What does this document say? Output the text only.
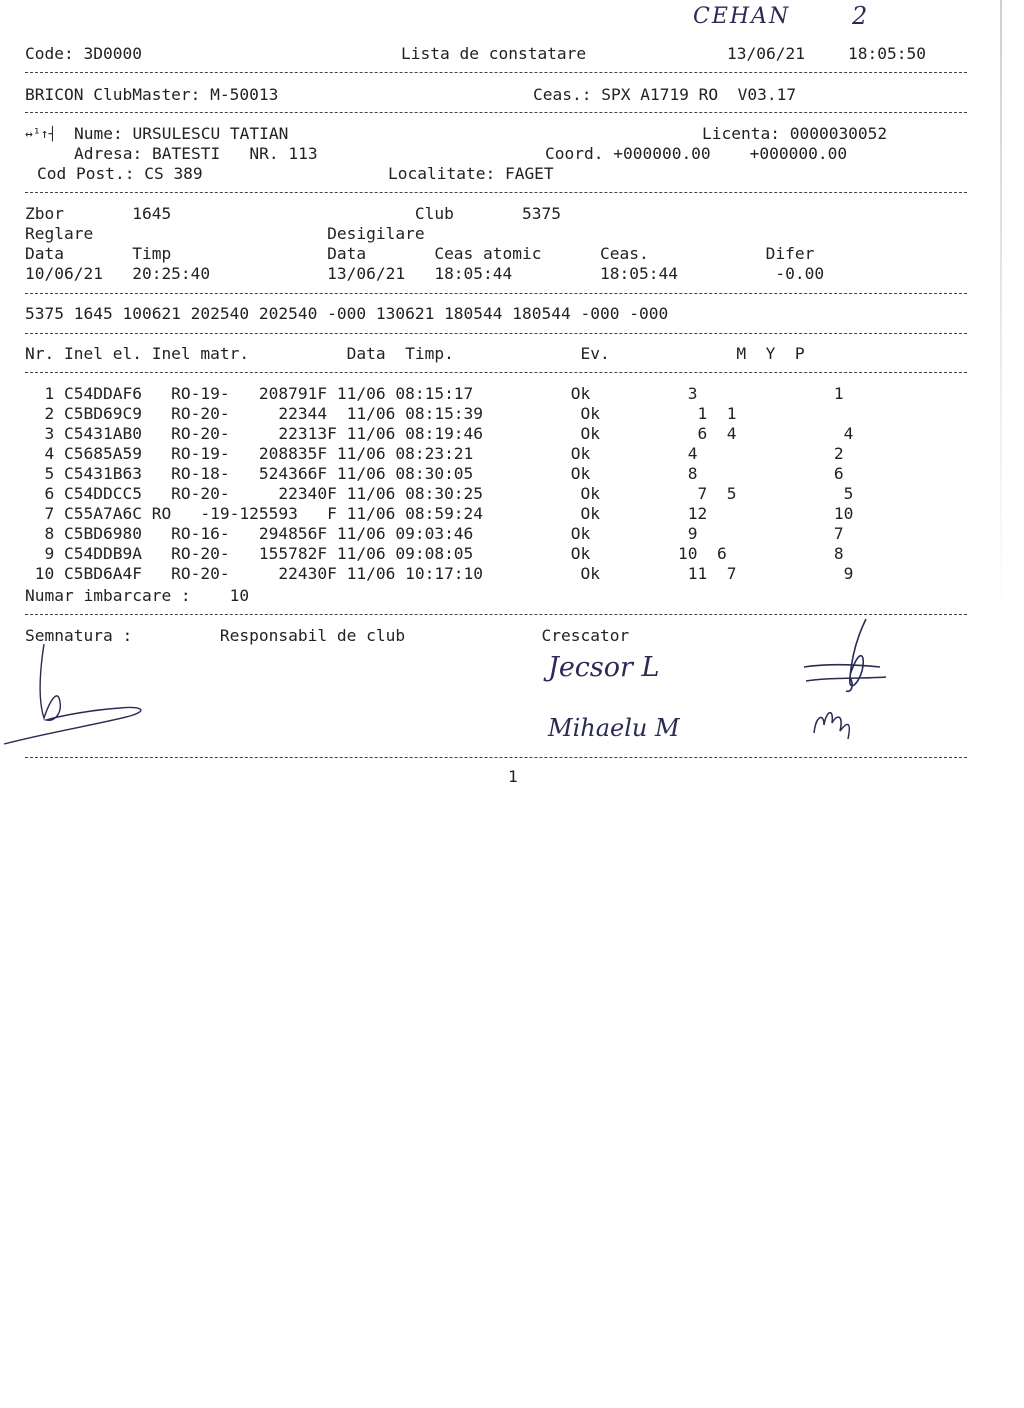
CEHAN	2
Code: 3D0000	Lista de constatare	13/06/21	18:05:50
BRICON ClubMaster: M-50013	Ceas.: SPX A1719 RO  V03.17
↔¹↑┤ Nume: URSULESCU TATIAN	Licenta: 0000030052
Adresa: BATESTI   NR. 113	Coord. +000000.00    +000000.00
Cod Post.: CS 389	Localitate: FAGET
Zbor       1645                         Club       5375
Reglare                        Desigilare
Data       Timp                Data       Ceas atomic      Ceas.            Difer
10/06/21   20:25:40            13/06/21   18:05:44         18:05:44          -0.00
5375 1645 100621 202540 202540 -000 130621 180544 180544 -000 -000
Nr. Inel el. Inel matr.          Data  Timp.             Ev.             M  Y  P
1 C54DDAF6   RO-19-   208791F 11/06 08:15:17          Ok          3              1
2 C5BD69C9   RO-20-     22344  11/06 08:15:39          Ok          1  1
3 C5431AB0   RO-20-     22313F 11/06 08:19:46          Ok          6  4           4
4 C5685A59   RO-19-   208835F 11/06 08:23:21          Ok          4              2
5 C5431B63   RO-18-   524366F 11/06 08:30:05          Ok          8              6
6 C54DDCC5   RO-20-     22340F 11/06 08:30:25          Ok          7  5           5
7 C55A7A6C RO   -19-125593   F 11/06 08:59:24          Ok         12             10
8 C5BD6980   RO-16-   294856F 11/06 09:03:46          Ok          9              7
9 C54DDB9A   RO-20-   155782F 11/06 09:08:05          Ok         10  6           8
10 C5BD6A4F   RO-20-     22430F 11/06 10:17:10          Ok         11  7           9
Numar imbarcare :    10
Semnatura :         Responsabil de club              Crescator
Jecsor L
Mihaelu M
1
